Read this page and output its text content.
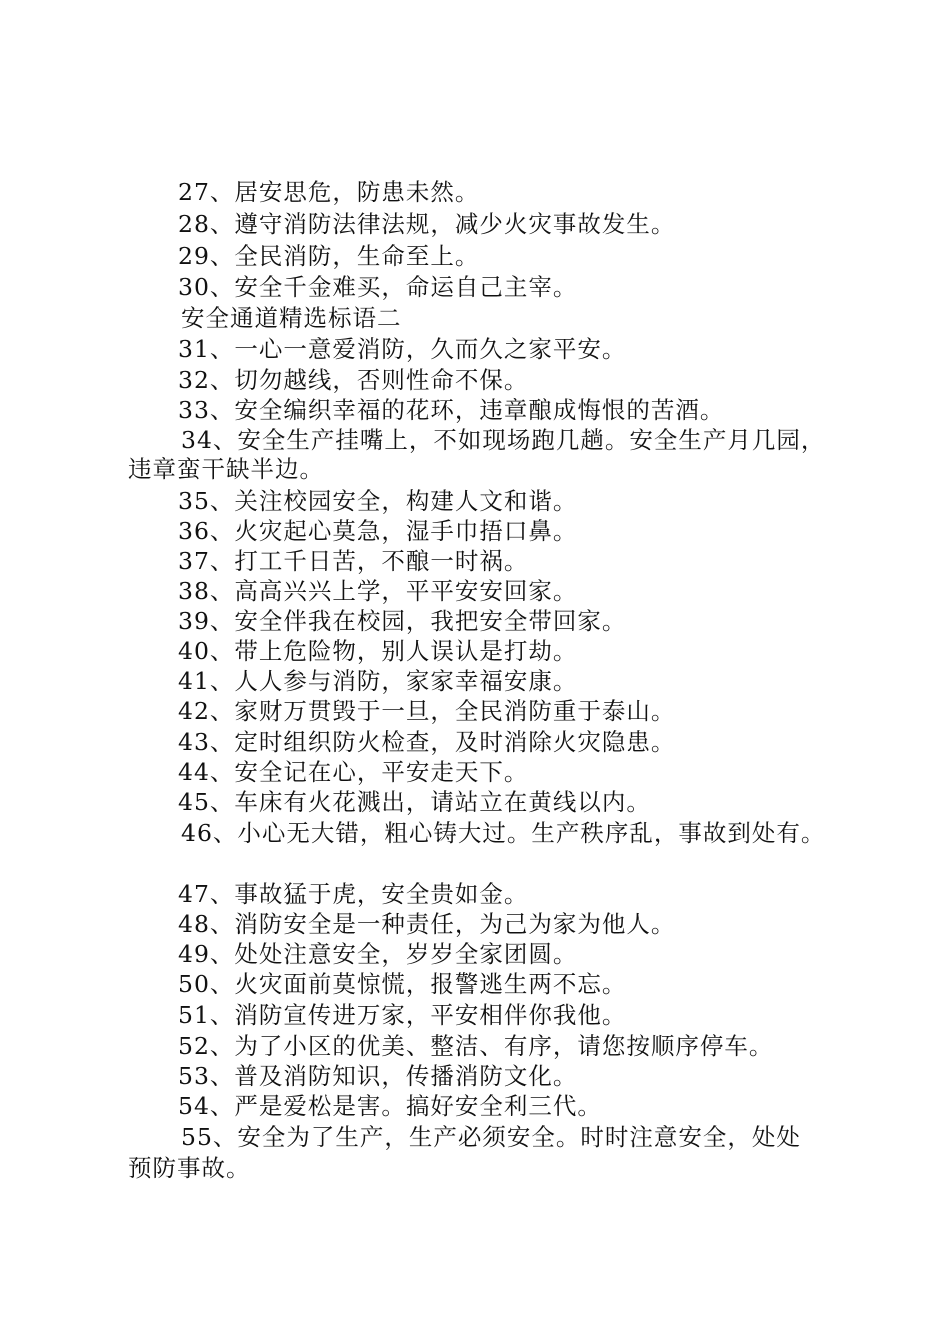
27、居安思危，防患未然。
28、遵守消防法律法规，减少火灾事故发生。
29、全民消防，生命至上。
30、安全千金难买，命运自己主宰。
安全通道精选标语二
31、一心一意爱消防，久而久之家平安。
32、切勿越线，否则性命不保。
33、安全编织幸福的花环，违章酿成悔恨的苦酒。
34、安全生产挂嘴上，不如现场跑几趟。安全生产月几园，
违章蛮干缺半边。
35、关注校园安全，构建人文和谐。
36、火灾起心莫急，湿手巾捂口鼻。
37、打工千日苦，不酿一时祸。
38、高高兴兴上学，平平安安回家。
39、安全伴我在校园，我把安全带回家。
40、带上危险物，别人误认是打劫。
41、人人参与消防，家家幸福安康。
42、家财万贯毁于一旦，全民消防重于泰山。
43、定时组织防火检查，及时消除火灾隐患。
44、安全记在心，平安走天下。
45、车床有火花溅出，请站立在黄线以内。
46、小心无大错，粗心铸大过。生产秩序乱，事故到处有。
47、事故猛于虎，安全贵如金。
48、消防安全是一种责任，为己为家为他人。
49、处处注意安全，岁岁全家团圆。
50、火灾面前莫惊慌，报警逃生两不忘。
51、消防宣传进万家，平安相伴你我他。
52、为了小区的优美、整洁、有序，请您按顺序停车。
53、普及消防知识，传播消防文化。
54、严是爱松是害。搞好安全利三代。
55、安全为了生产，生产必须安全。时时注意安全，处处
预防事故。
